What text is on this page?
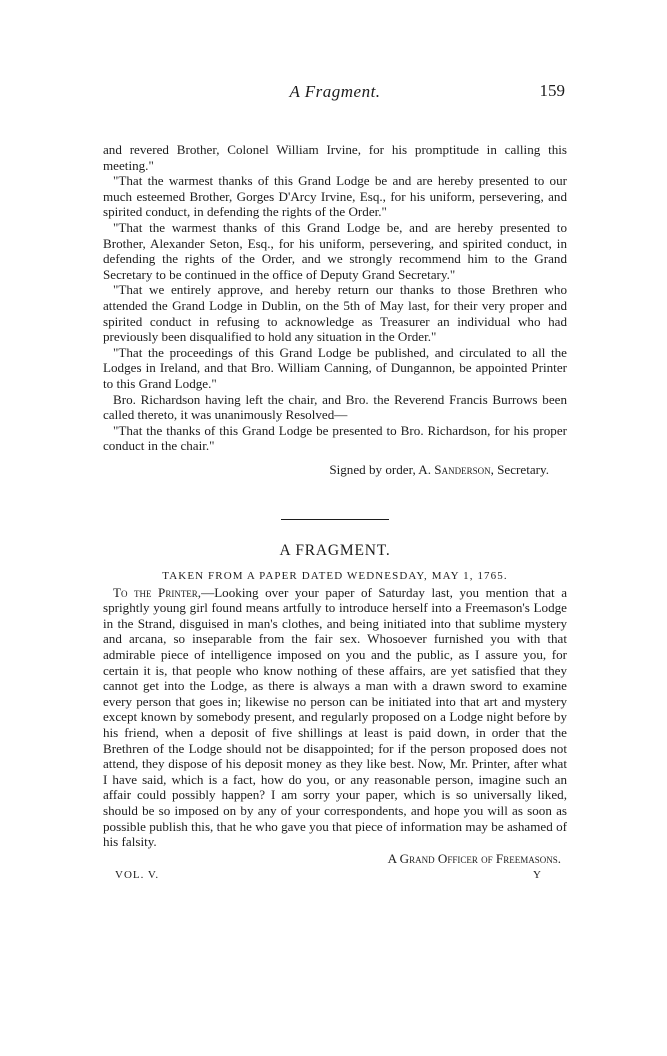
A Fragment.	159

and revered Brother, Colonel William Irvine, for his promptitude in calling this meeting."

"That the warmest thanks of this Grand Lodge be and are hereby presented to our much esteemed Brother, Gorges D'Arcy Irvine, Esq., for his uniform, persevering, and spirited conduct, in defending the rights of the Order."

"That the warmest thanks of this Grand Lodge be, and are hereby presented to Brother, Alexander Seton, Esq., for his uniform, persevering, and spirited conduct, in defending the rights of the Order, and we strongly recommend him to the Grand Secretary to be continued in the office of Deputy Grand Secretary."

"That we entirely approve, and hereby return our thanks to those Brethren who attended the Grand Lodge in Dublin, on the 5th of May last, for their very proper and spirited conduct in refusing to acknowledge as Treasurer an individual who had previously been disqualified to hold any situation in the Order."

"That the proceedings of this Grand Lodge be published, and circulated to all the Lodges in Ireland, and that Bro. William Canning, of Dungannon, be appointed Printer to this Grand Lodge."

Bro. Richardson having left the chair, and Bro. the Reverend Francis Burrows been called thereto, it was unanimously Resolved—

"That the thanks of this Grand Lodge be presented to Bro. Richardson, for his proper conduct in the chair."

Signed by order, A. Sanderson, Secretary.

A FRAGMENT.
TAKEN FROM A PAPER DATED WEDNESDAY, MAY 1, 1765.

To the Printer,—Looking over your paper of Saturday last, you mention that a sprightly young girl found means artfully to introduce herself into a Freemason's Lodge in the Strand, disguised in man's clothes, and being initiated into that sublime mystery and arcana, so inseparable from the fair sex. Whosoever furnished you with that admirable piece of intelligence imposed on you and the public, as I assure you, for certain it is, that people who know nothing of these affairs, are yet satisfied that they cannot get into the Lodge, as there is always a man with a drawn sword to examine every person that goes in; likewise no person can be initiated into that art and mystery except known by somebody present, and regularly proposed on a Lodge night before by his friend, when a deposit of five shillings at least is paid down, in order that the Brethren of the Lodge should not be disappointed; for if the person proposed does not attend, they dispose of his deposit money as they like best. Now, Mr. Printer, after what I have said, which is a fact, how do you, or any reasonable person, imagine such an affair could possibly happen? I am sorry your paper, which is so universally liked, should be so imposed on by any of your correspondents, and hope you will as soon as possible publish this, that he who gave you that piece of information may be ashamed of his falsity.

A Grand Officer of Freemasons.

VOL. V.	Y
